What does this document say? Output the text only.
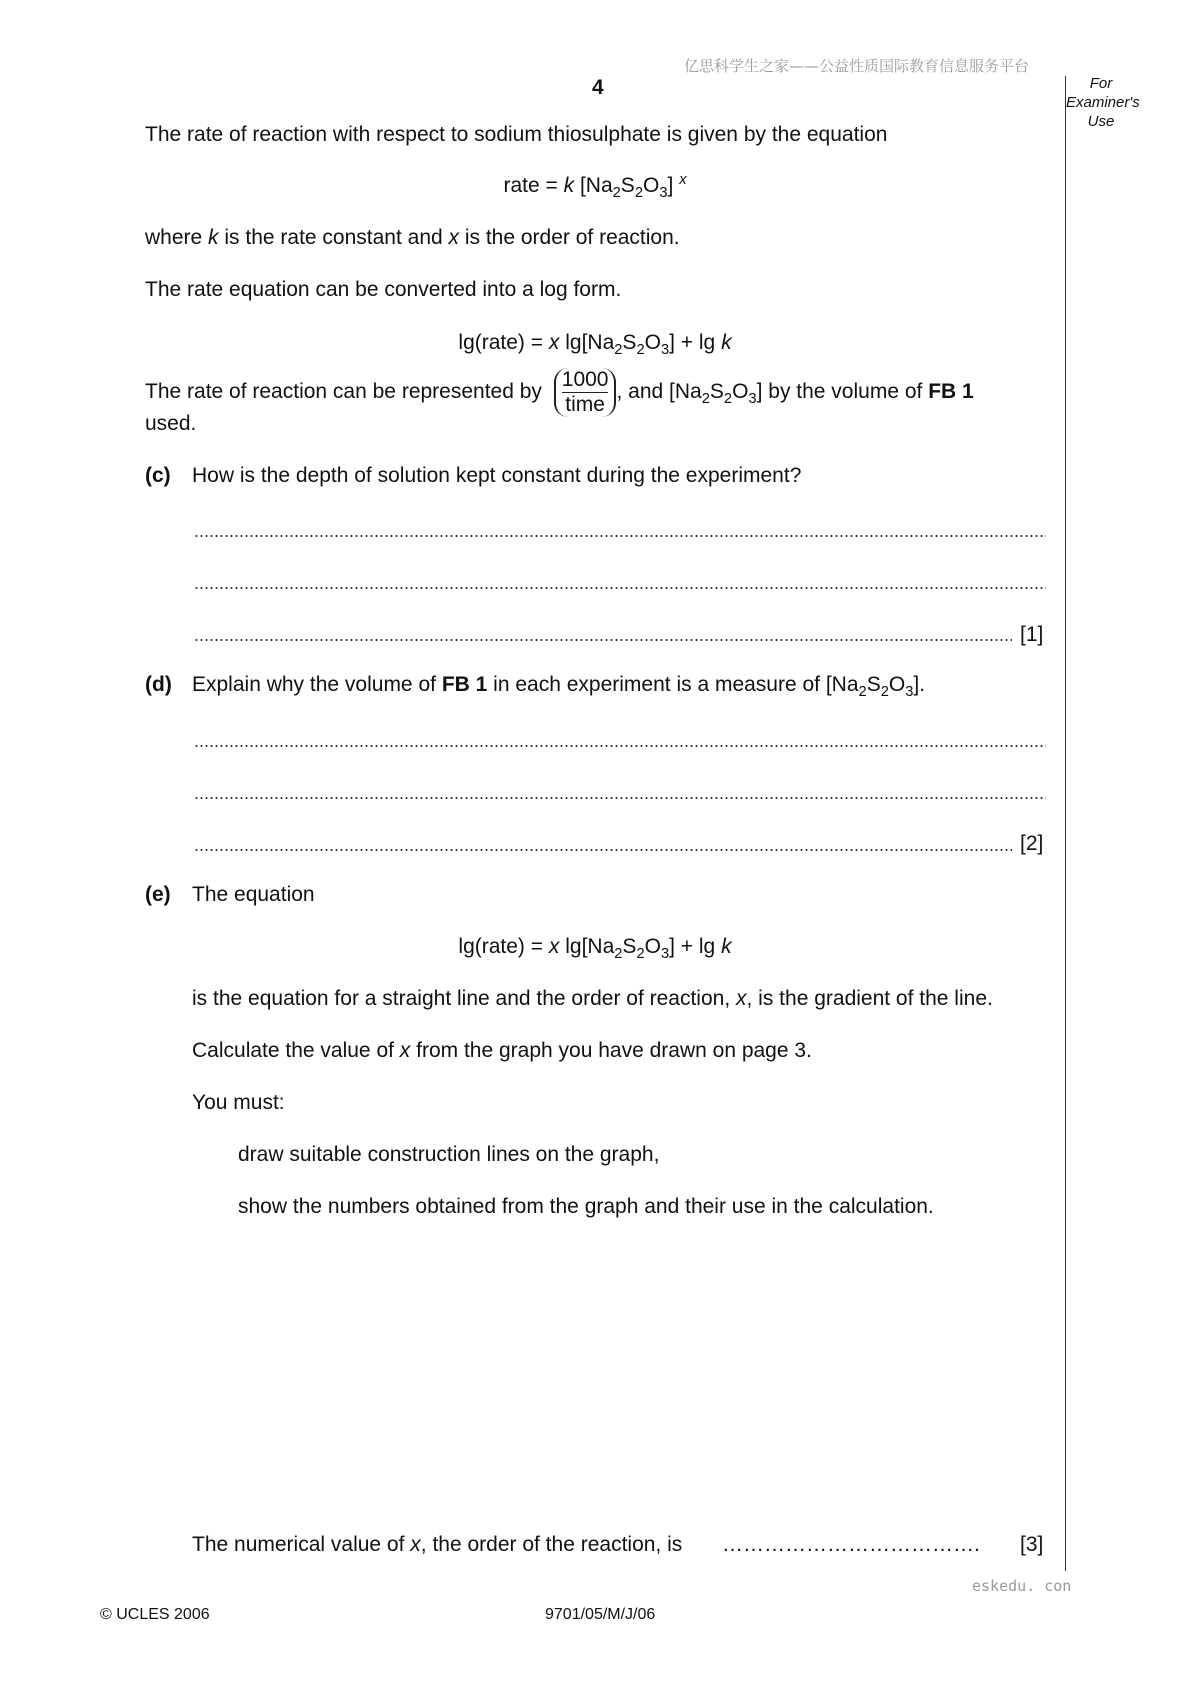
亿思科学生之家——公益性质国际教育信息服务平台
4	For Examiner's Use
The rate of reaction with respect to sodium thiosulphate is given by the equation
rate = k $[Na_2S_2O_3]$ $^x$
where k is the rate constant and x is the order of reaction.
The rate equation can be converted into a log form.
lg(rate) = x $\lg[Na_2S_2O_3] + \lg k$
The rate of reaction can be represented by $\frac{1000}{\text{time}}$ , and $[Na_2S_2O_3]$ by the volume of FB 1
used.
(c) How is the depth of solution kept constant during the experiment?
[1]
(d) Explain why the volume of FB 1 in each experiment is a measure of $[Na_2S_2O_3]$.
[2]
(e) The equation
lg(rate) = x $\lg[Na_2S_2O_3] + \lg k$
is the equation for a straight line and the order of reaction, x, is the gradient of the line.
Calculate the value of x from the graph you have drawn on page 3.
You must:
draw suitable construction lines on the graph,
show the numbers obtained from the graph and their use in the calculation.
The numerical value of x, the order of the reaction, is ………………………………. [3]
eskedu. con
© UCLES 2006	9701/05/M/J/06
